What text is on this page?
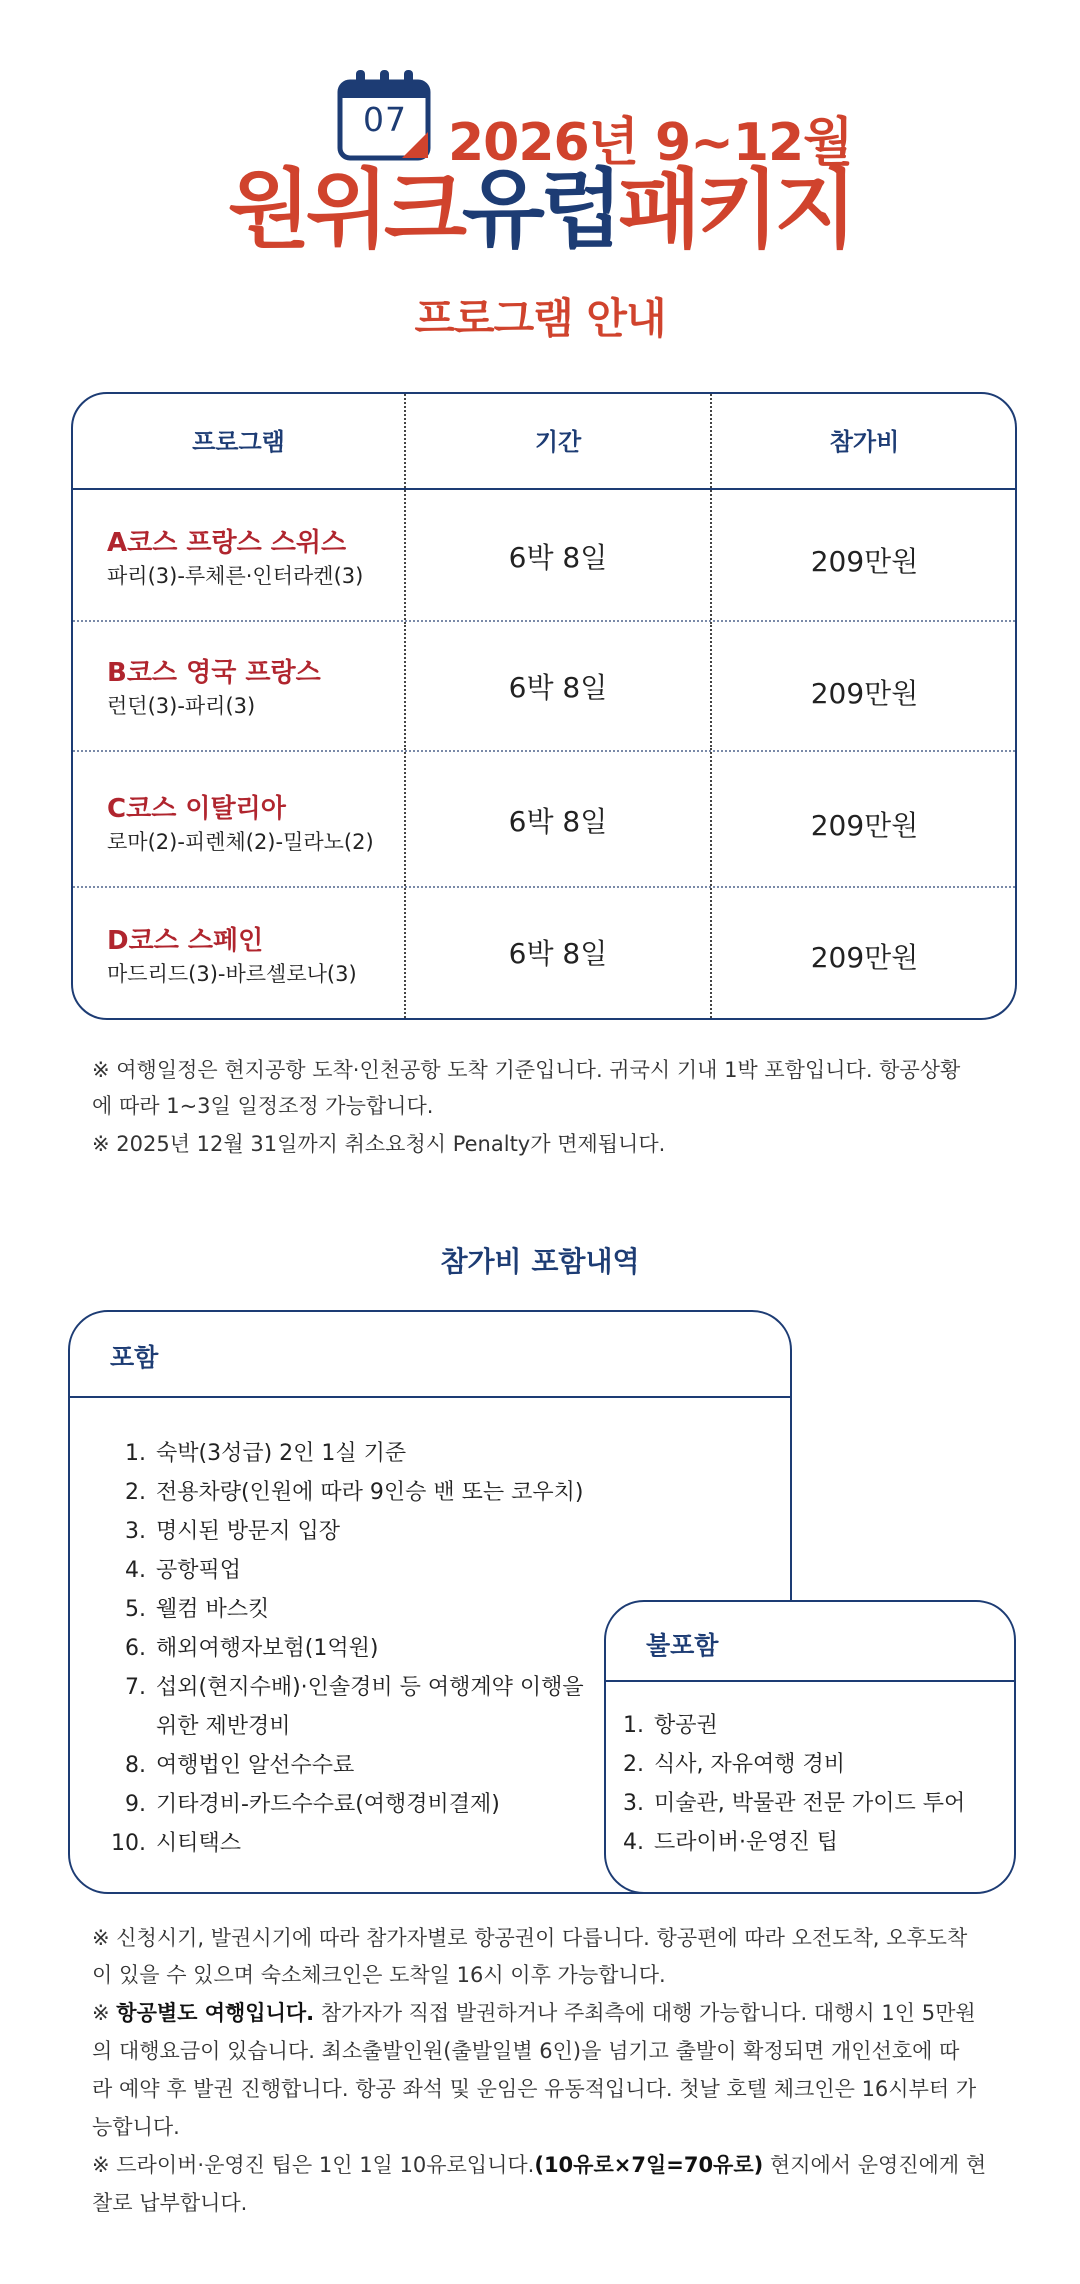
07 2026년 9~12월
원위크유럽패키지
프로그램 안내
프로그램	기간	참가비
A코스 프랑스 스위스
파리(3)-루체른·인터라켄(3)
6박 8일	209만원
B코스 영국 프랑스
런던(3)-파리(3)
6박 8일	209만원
C코스 이탈리아
로마(2)-피렌체(2)-밀라노(2)
6박 8일	209만원
D코스 스페인
마드리드(3)-바르셀로나(3)
6박 8일	209만원
※ 여행일정은 현지공항 도착·인천공항 도착 기준입니다. 귀국시 기내 1박 포함입니다. 항공상황
에 따라 1~3일 일정조정 가능합니다.
※ 2025년 12월 31일까지 취소요청시 Penalty가 면제됩니다.
참가비 포함내역
포함
1. 숙박(3성급) 2인 1실 기준
2. 전용차량(인원에 따라 9인승 밴 또는 코우치)
3. 명시된 방문지 입장
4. 공항픽업
5. 웰컴 바스킷
6. 해외여행자보험(1억원)
7. 섭외(현지수배)·인솔경비 등 여행계약 이행을
위한 제반경비
8. 여행법인 알선수수료
9. 기타경비-카드수수료(여행경비결제)
10. 시티택스
불포함
1. 항공권
2. 식사, 자유여행 경비
3. 미술관, 박물관 전문 가이드 투어
4. 드라이버·운영진 팁
※ 신청시기, 발권시기에 따라 참가자별로 항공권이 다릅니다. 항공편에 따라 오전도착, 오후도착
이 있을 수 있으며 숙소체크인은 도착일 16시 이후 가능합니다.
※ 항공별도 여행입니다. 참가자가 직접 발권하거나 주최측에 대행 가능합니다. 대행시 1인 5만원
의 대행요금이 있습니다. 최소출발인원(출발일별 6인)을 넘기고 출발이 확정되면 개인선호에 따
라 예약 후 발권 진행합니다. 항공 좌석 및 운임은 유동적입니다. 첫날 호텔 체크인은 16시부터 가
능합니다.
※ 드라이버·운영진 팁은 1인 1일 10유로입니다.(10유로×7일=70유로) 현지에서 운영진에게 현
찰로 납부합니다.
